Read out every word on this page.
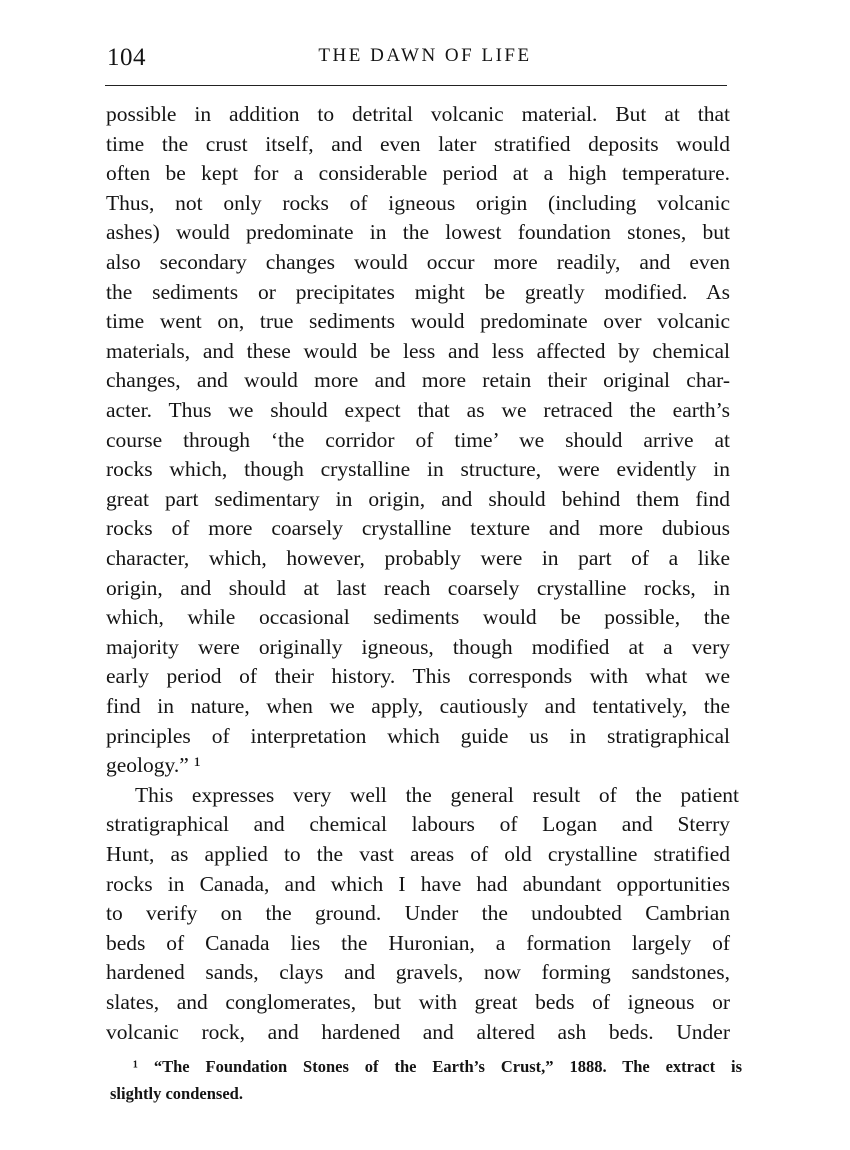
104	THE DAWN OF LIFE
possible in addition to detrital volcanic material. But at that
time the crust itself, and even later stratified deposits would
often be kept for a considerable period at a high temperature.
Thus, not only rocks of igneous origin (including volcanic
ashes) would predominate in the lowest foundation stones, but
also secondary changes would occur more readily, and even
the sediments or precipitates might be greatly modified. As
time went on, true sediments would predominate over volcanic
materials, and these would be less and less affected by chemical
changes, and would more and more retain their original char-
acter. Thus we should expect that as we retraced the earth’s
course through ‘the corridor of time’ we should arrive at
rocks which, though crystalline in structure, were evidently in
great part sedimentary in origin, and should behind them find
rocks of more coarsely crystalline texture and more dubious
character, which, however, probably were in part of a like
origin, and should at last reach coarsely crystalline rocks, in
which, while occasional sediments would be possible, the
majority were originally igneous, though modified at a very
early period of their history. This corresponds with what we
find in nature, when we apply, cautiously and tentatively, the
principles of interpretation which guide us in stratigraphical
geology.” ¹
This expresses very well the general result of the patient
stratigraphical and chemical labours of Logan and Sterry
Hunt, as applied to the vast areas of old crystalline stratified
rocks in Canada, and which I have had abundant opportunities
to verify on the ground. Under the undoubted Cambrian
beds of Canada lies the Huronian, a formation largely of
hardened sands, clays and gravels, now forming sandstones,
slates, and conglomerates, but with great beds of igneous or
volcanic rock, and hardened and altered ash beds. Under
¹ “The Foundation Stones of the Earth’s Crust,” 1888. The extract is
slightly condensed.
